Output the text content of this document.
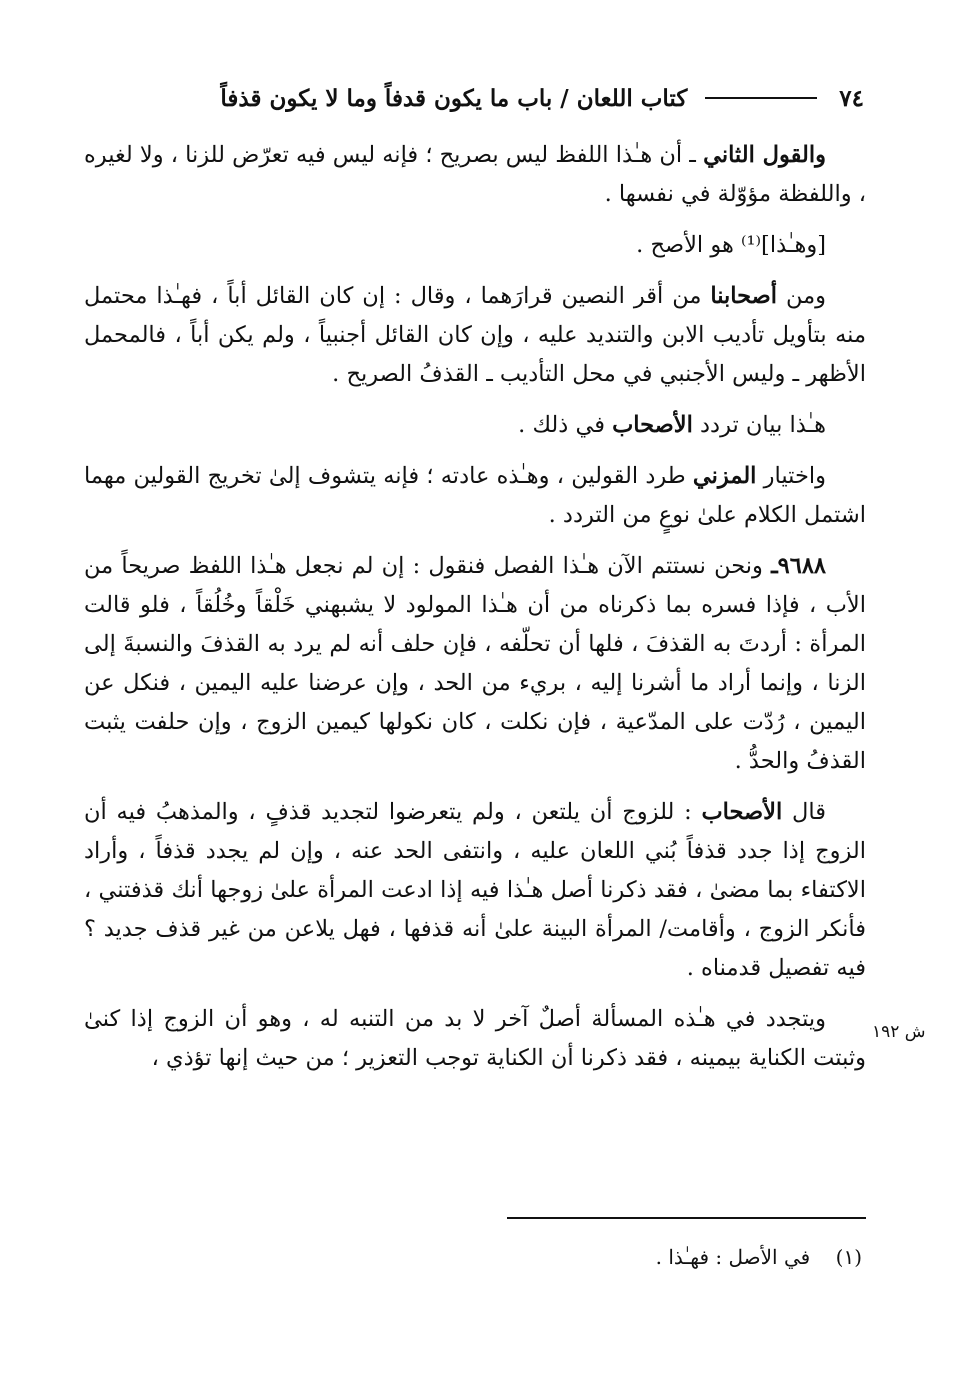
٧٤
كتاب اللعان / باب ما يكون قدفاً وما لا يكون قذفاً

والقول الثاني ـ أن هـٰذا اللفظ ليس بصريح ؛ فإنه ليس فيه تعرّض للزنا ، ولا لغيره ، واللفظة مؤوّلة في نفسها .

[وهـٰذا]⁽¹⁾ هو الأصح .

ومن أصحابنا من أقر النصين قرارَهما ، وقال : إن كان القائل أباً ، فهـٰذا محتمل منه بتأويل تأديب الابن والتنديد عليه ، وإن كان القائل أجنبياً ، ولم يكن أباً ، فالمحمل الأظهر ـ وليس الأجنبي في محل التأديب ـ القذفُ الصريح .

هـٰذا بيان تردد الأصحاب في ذلك .

واختيار المزني طرد القولين ، وهـٰذه عادته ؛ فإنه يتشوف إلىٰ تخريج القولين مهما اشتمل الكلام علىٰ نوعٍ من التردد .

٩٦٨٨ـ ونحن نستتم الآن هـٰذا الفصل فنقول : إن لم نجعل هـٰذا اللفظ صريحاً من الأب ، فإذا فسره بما ذكرناه من أن هـٰذا المولود لا يشبهني خَلْقاً وخُلُقاً ، فلو قالت المرأة : أردتَ به القذفَ ، فلها أن تحلّفه ، فإن حلف أنه لم يرد به القذفَ والنسبةَ إلى الزنا ، وإنما أراد ما أشرنا إليه ، بريء من الحد ، وإن عرضنا عليه اليمين ، فنكل عن اليمين ، رُدّت على المدّعية ، فإن نكلت ، كان نكولها كيمين الزوج ، وإن حلفت يثبت القذفُ والحدُّ .

قال الأصحاب : للزوج أن يلتعن ، ولم يتعرضوا لتجديد قذفٍ ، والمذهبُ فيه أن الزوج إذا جدد قذفاً بُني اللعان عليه ، وانتفى الحد عنه ، وإن لم يجدد قذفاً ، وأراد الاكتفاء بما مضىٰ ، فقد ذكرنا أصل هـٰذا فيه إذا ادعت المرأة علىٰ زوجها أنك قذفتني ، فأنكر الزوج ، وأقامت/ المرأة البينة علىٰ أنه قذفها ، فهل يلاعن من غير قذف جديد ؟ فيه تفصيل قدمناه .

ويتجدد في هـٰذه المسألة أصلٌ آخر لا بد من التنبه له ، وهو أن الزوج إذا كنىٰ وثبتت الكناية بيمينه ، فقد ذكرنا أن الكناية توجب التعزير ؛ من حيث إنها تؤذي ،

ش ١٩٢
(١)    في الأصل : فهـٰذا .
